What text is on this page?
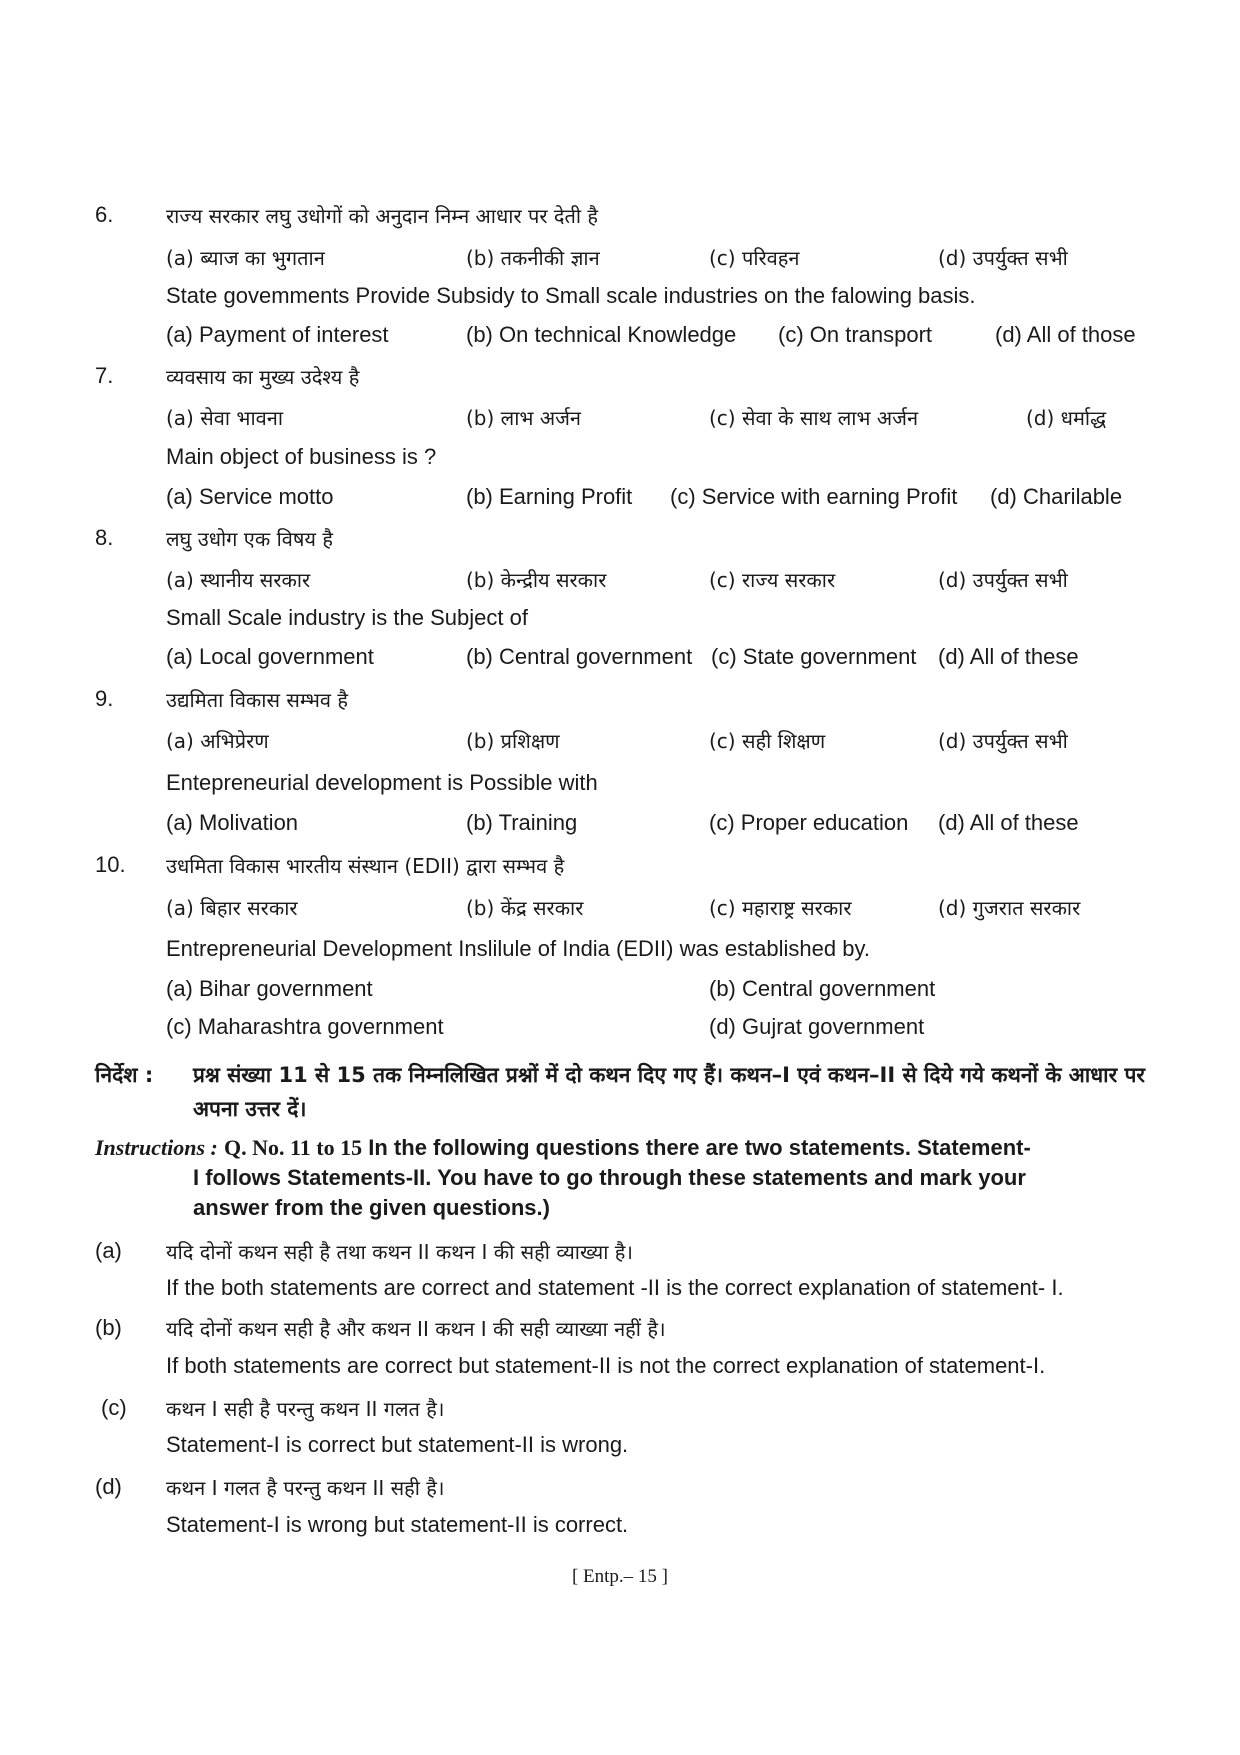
6.	राज्य सरकार लघु उधोगों को अनुदान निम्न आधार पर देती है
(a) ब्याज का भुगतान	(b) तकनीकी ज्ञान	(c) परिवहन	(d) उपर्युक्त सभी
State govemments Provide Subsidy to Small scale industries on the falowing basis.
(a) Payment of interest	(b) On technical Knowledge (c) On transport	(d) All of those
7.	व्यवसाय का मुख्य उदेश्य है
(a) सेवा भावना	(b) लाभ अर्जन	(c) सेवा के साथ लाभ अर्जन	(d) धर्माद्ध
Main object of business is ?
(a) Service motto	(b) Earning Profit (c) Service with earning Profit (d) Charilable
8.	लघु उधोग एक विषय है
(a) स्थानीय सरकार	(b) केन्द्रीय सरकार	(c) राज्य सरकार	(d) उपर्युक्त सभी
Small Scale industry is the Subject of
(a) Local government	(b) Central government (c) State government (d) All of these
9.	उद्यमिता विकास सम्भव है
(a) अभिप्रेरण	(b) प्रशिक्षण	(c) सही शिक्षण	(d) उपर्युक्त सभी
Entepreneurial development is Possible with
(a) Molivation	(b) Training	(c) Proper education (d) All of these
10. उधमिता विकास भारतीय संस्थान (EDII) द्वारा सम्भव है
(a) बिहार सरकार	(b) केंद्र सरकार	(c) महाराष्ट्र सरकार	(d) गुजरात सरकार
Entrepreneurial Development Inslilule of India (EDII) was established by.
(a) Bihar government	(b) Central government
(c) Maharashtra government	(d) Gujrat government
निर्देश : प्रश्न संख्या 11 से 15 तक निम्नलिखित प्रश्नों में दो कथन दिए गए हैं। कथन–I एवं कथन–II से दिये गये कथनों के आधार पर अपना उत्तर दें।
Instructions : Q. No. 11 to 15 In the following questions there are two statements. Statement-
I follows Statements-II. You have to go through these statements and mark your
answer from the given questions.)
(a) यदि दोनों कथन सही है तथा कथन II कथन I की सही व्याख्या है।
If the both statements are correct and statement -II is the correct explanation of statement- I.
(b) यदि दोनों कथन सही है और कथन II कथन I की सही व्याख्या नहीं है।
If both statements are correct but statement-II is not the correct explanation of statement-I.
(c) कथन I सही है परन्तु कथन II गलत है।
Statement-I is correct but statement-II is wrong.
(d) कथन I गलत है परन्तु कथन II सही है।
Statement-I is wrong but statement-II is correct.
[ Entp.– 15 ]
